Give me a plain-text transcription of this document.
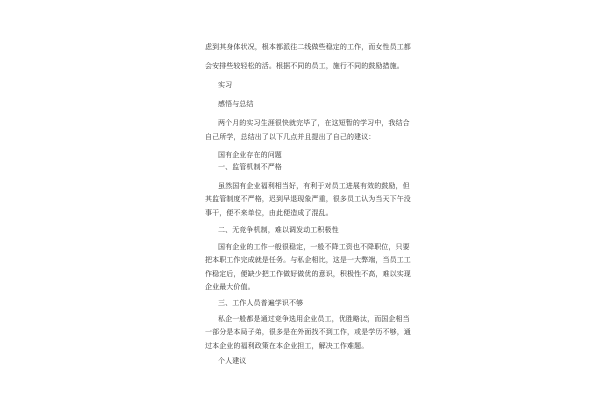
虑到其身体状况，根本都派往二线做些稳定的工作，而女性员工都
会安排些较轻松的活。根据不同的员工，施行不同的鼓励措施。
实习
感悟与总结
两个月的实习生涯很快就完毕了，在这短暂的学习中，我结合
自己所学，总结出了以下几点并且提出了自己的建议：
国有企业存在的问题
一、监管机制不严格
虽然国有企业福利相当好，有利于对员工进展有效的鼓励，但
其监管制度不严格，迟到早退现象严重，很多员工认为当天下午没
事干，便不来单位，由此便造成了混乱。
二、无竞争机制，难以调发动工积极性
国有企业的工作一般很稳定，一般不降工资也不降职位，只要
把本职工作完成就是任务。与私企相比，这是一大弊端，当员工工
作稳定后，便缺少把工作做好做优的意识，积极性不高，难以实现
企业最大价值。
三、工作人员普遍学识不够
私企一般都是通过竞争选用企业员工，优胜略汰，而国企相当
一部分是本局子弟，很多是在外面找不到工作，或是学历不够，通
过本企业的福利政策在本企业担工，解决工作难题。
个人建议
